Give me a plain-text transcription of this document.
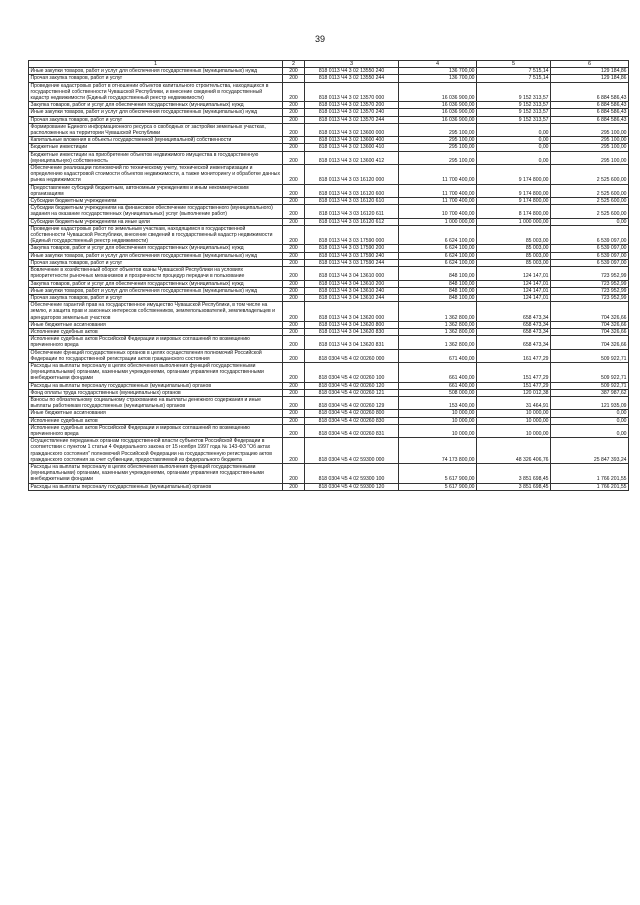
39
1	2	3	4	5	6
Иные закупки товаров, работ и услуг для обеспечения государственных (муниципальных) нужд	200	818 0113 Ч4 3 02 13550 240	136 700,00	7 515,14	129 184,86
Прочая закупка товаров, работ и услуг	200	818 0113 Ч4 3 02 13550 244	136 700,00	7 515,14	129 184,86
Проведение кадастровых работ в отношении объектов капитального строительства, находящихся в государственной собственности Чувашской Республики, и внесение сведений в государственный кадастр недвижимости (Единый государственный реестр недвижимости)	200	818 0113 Ч4 3 02 13570 000	16 036 900,00	9 152 313,57	6 884 586,43
Закупка товаров, работ и услуг для обеспечения государственных (муниципальных) нужд	200	818 0113 Ч4 3 02 13570 200	16 036 900,00	9 152 313,57	6 884 586,43
Иные закупки товаров, работ и услуг для обеспечения государственных (муниципальных) нужд	200	818 0113 Ч4 3 02 13570 240	16 036 900,00	9 152 313,57	6 884 586,43
Прочая закупка товаров, работ и услуг	200	818 0113 Ч4 3 02 13570 244	16 036 900,00	9 152 313,57	6 884 586,43
Формирование Единого информационного ресурса о свободных от застройки земельных участках, расположенных на территории Чувашской Республики	200	818 0113 Ч4 3 02 13600 000	295 100,00	0,00	295 100,00
Капитальные вложения в объекты государственной (муниципальной) собственности	200	818 0113 Ч4 3 02 13600 400	295 100,00	0,00	295 100,00
Бюджетные инвестиции	200	818 0113 Ч4 3 02 13600 410	295 100,00	0,00	295 100,00
Бюджетные инвестиции на приобретение объектов недвижимого имущества в государственную (муниципальную) собственность	200	818 0113 Ч4 3 02 13600 412	295 100,00	0,00	295 100,00
Обеспечение реализации полномочий по техническому учету, технической инвентаризации и определению кадастровой стоимости объектов недвижимости, а также мониторингу и обработке данных рынка недвижимости	200	818 0113 Ч4 3 03 16120 000	11 700 400,00	9 174 800,00	2 525 600,00
Предоставление субсидий бюджетным, автономным учреждениям и иным некоммерческим организациям	200	818 0113 Ч4 3 03 16120 600	11 700 400,00	9 174 800,00	2 525 600,00
Субсидии бюджетным учреждениям	200	818 0113 Ч4 3 03 16120 610	11 700 400,00	9 174 800,00	2 525 600,00
Субсидии бюджетным учреждениям на финансовое обеспечение государственного (муниципального) задания на оказание государственных (муниципальных) услуг (выполнение работ)	200	818 0113 Ч4 3 03 16120 611	10 700 400,00	8 174 800,00	2 525 600,00
Субсидии бюджетным учреждениям на иные цели	200	818 0113 Ч4 3 03 16120 612	1 000 000,00	1 000 000,00	0,00
Проведение кадастровых работ по земельным участкам, находящимся в государственной собственности Чувашской Республики, внесение сведений в государственный кадастр недвижимости (Единый государственный реестр недвижимости)	200	818 0113 Ч4 3 03 17590 000	6 624 100,00	85 003,00	6 539 097,00
Закупка товаров, работ и услуг для обеспечения государственных (муниципальных) нужд	200	818 0113 Ч4 3 03 17590 200	6 624 100,00	85 003,00	6 539 097,00
Иные закупки товаров, работ и услуг для обеспечения государственных (муниципальных) нужд	200	818 0113 Ч4 3 03 17590 240	6 624 100,00	85 003,00	6 539 097,00
Прочая закупка товаров, работ и услуг	200	818 0113 Ч4 3 03 17590 244	6 624 100,00	85 003,00	6 539 097,00
Вовлечение в хозяйственный оборот объектов казны Чувашской Республики на условиях приоритетности рыночных механизмов и прозрачности процедур передачи в пользование	200	818 0113 Ч4 3 04 13610 000	848 100,00	124 147,01	723 952,99
Закупка товаров, работ и услуг для обеспечения государственных (муниципальных) нужд	200	818 0113 Ч4 3 04 13610 200	848 100,00	124 147,01	723 952,99
Иные закупки товаров, работ и услуг для обеспечения государственных (муниципальных) нужд	200	818 0113 Ч4 3 04 13610 240	848 100,00	124 147,01	723 952,99
Прочая закупка товаров, работ и услуг	200	818 0113 Ч4 3 04 13610 244	848 100,00	124 147,01	723 952,99
Обеспечение гарантий прав на государственное имущество Чувашской Республики, в том числе на землю, и защита прав и законных интересов собственников, землепользователей, землевладельцев и арендаторов земельных участков	200	818 0113 Ч4 3 04 13620 000	1 362 800,00	658 473,34	704 326,66
Иные бюджетные ассигнования	200	818 0113 Ч4 3 04 13620 800	1 362 800,00	658 473,34	704 326,66
Исполнение судебных актов	200	818 0113 Ч4 3 04 13620 830	1 362 800,00	658 473,34	704 326,66
Исполнение судебных актов Российской Федерации и мировых соглашений по возмещению причиненного вреда	200	818 0113 Ч4 3 04 13620 831	1 362 800,00	658 473,34	704 326,66
Обеспечение функций государственных органов в целях осуществления полномочий Российской Федерации по государственной регистрации актов гражданского состояния	200	818 0304 Ч5 4 02 00260 000	671 400,00	161 477,29	509 922,71
Расходы на выплаты персоналу в целях обеспечения выполнения функций государственными (муниципальными) органами, казенными учреждениями, органами управления государственными внебюджетными фондами	200	818 0304 Ч5 4 02 00260 100	661 400,00	151 477,29	509 922,71
Расходы на выплаты персоналу государственных (муниципальных) органов	200	818 0304 Ч5 4 02 00260 120	661 400,00	151 477,29	509 922,71
Фонд оплаты труда государственных (муниципальных) органов	200	818 0304 Ч5 4 02 00260 121	508 000,00	120 012,38	387 987,62
Взносы по обязательному социальному страхованию на выплаты денежного содержания и иные выплаты работникам государственных (муниципальных) органов	200	818 0304 Ч5 4 02 00260 129	153 400,00	31 464,91	121 935,09
Иные бюджетные ассигнования	200	818 0304 Ч5 4 02 00260 800	10 000,00	10 000,00	0,00
Исполнение судебных актов	200	818 0304 Ч5 4 02 00260 830	10 000,00	10 000,00	0,00
Исполнение судебных актов Российской Федерации и мировых соглашений по возмещению причиненного вреда	200	818 0304 Ч5 4 02 00260 831	10 000,00	10 000,00	0,00
Осуществление переданных органам государственной власти субъектов Российской Федерации в соответствии с пунктом 1 статьи 4 Федерального закона от 15 ноября 1997 года № 143-ФЗ "Об актах гражданского состояния" полномочий Российской Федерации на государственную регистрацию актов гражданского состояния за счет субвенции, предоставляемой из федерального бюджета	200	818 0304 Ч5 4 02 59300 000	74 173 800,00	48 326 406,76	25 847 393,24
Расходы на выплаты персоналу в целях обеспечения выполнения функций государственными (муниципальными) органами, казенными учреждениями, органами управления государственными внебюджетными фондами	200	818 0304 Ч5 4 02 59300 100	5 617 900,00	3 851 698,45	1 766 201,55
Расходы на выплаты персоналу государственных (муниципальных) органов	200	818 0304 Ч5 4 02 59300 120	5 617 900,00	3 851 698,45	1 766 201,55
